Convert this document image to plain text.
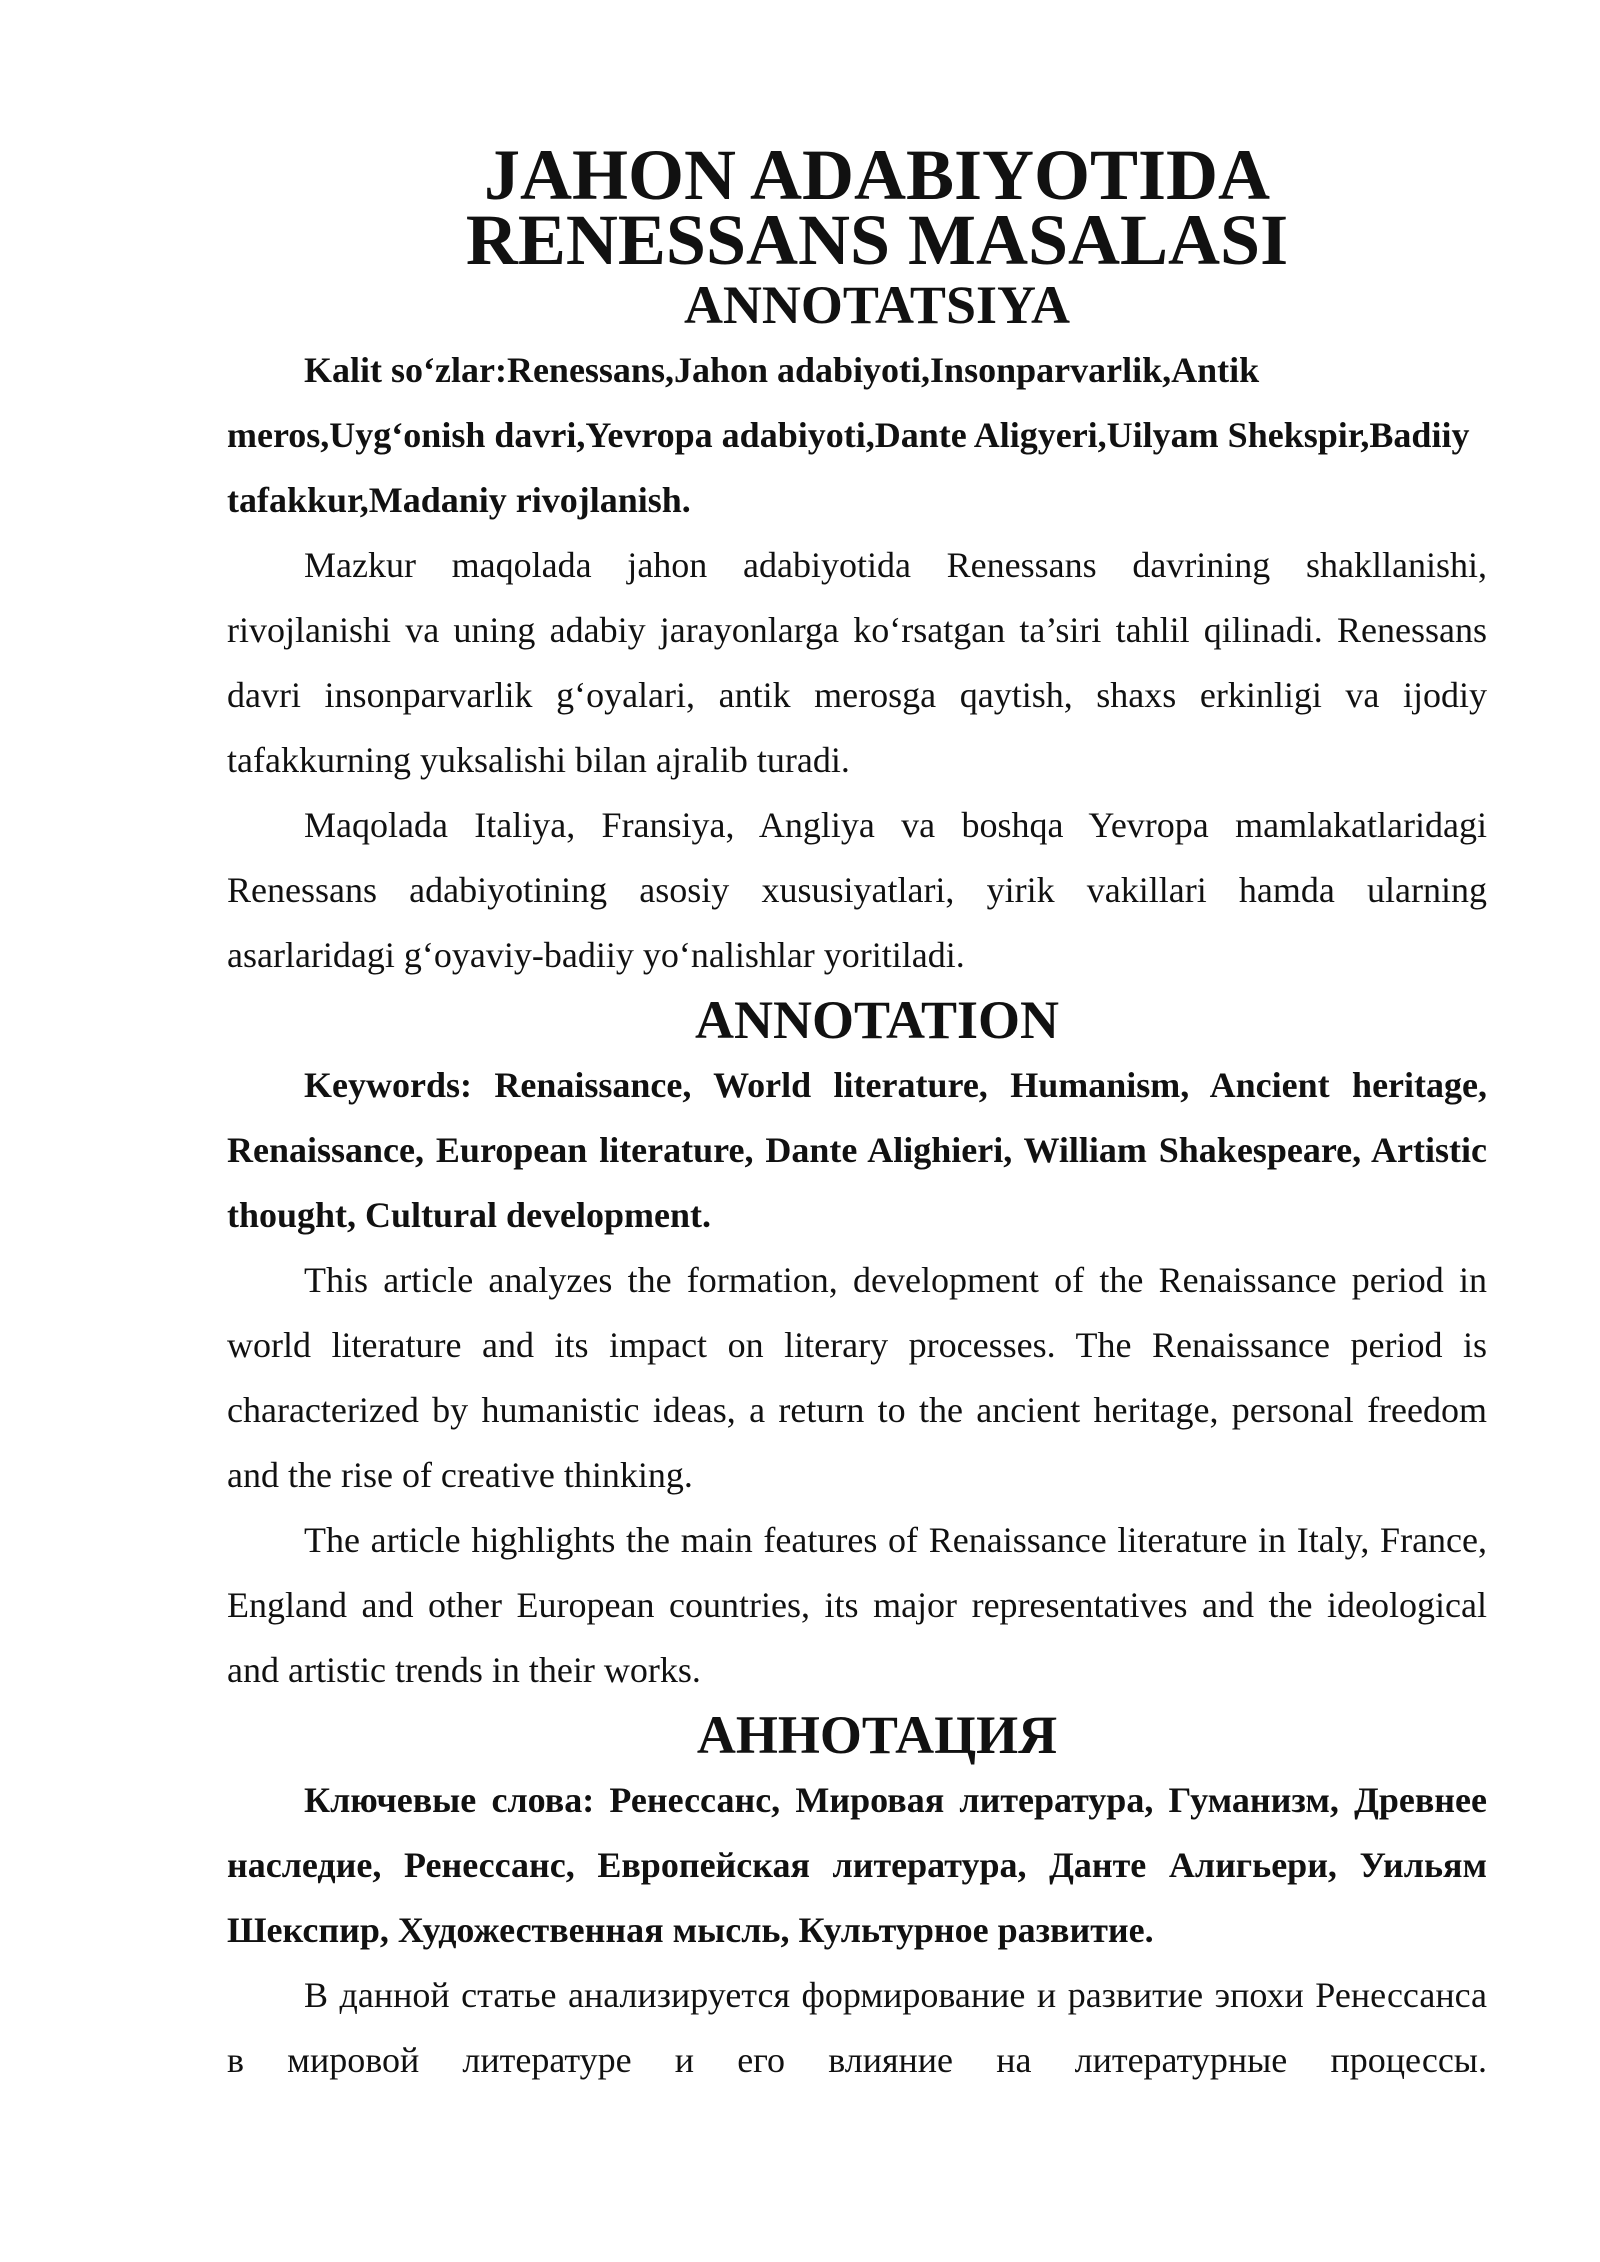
JAHON ADABIYOTIDA RENESSANS MASALASI
ANNOTATSIYA

Kalit so‘zlar:Renessans,Jahon adabiyoti,Insonparvarlik,Antik meros,Uyg‘onish davri,Yevropa adabiyoti,Dante Aligyeri,Uilyam Shekspir,Badiiy tafakkur,Madaniy rivojlanish.

Mazkur maqolada jahon adabiyotida Renessans davrining shakllanishi, rivojlanishi va uning adabiy jarayonlarga ko‘rsatgan ta’siri tahlil qilinadi. Renessans davri insonparvarlik g‘oyalari, antik merosga qaytish, shaxs erkinligi va ijodiy tafakkurning yuksalishi bilan ajralib turadi.

Maqolada Italiya, Fransiya, Angliya va boshqa Yevropa mamlakatlaridagi Renessans adabiyotining asosiy xususiyatlari, yirik vakillari hamda ularning asarlaridagi g‘oyaviy-badiiy yo‘nalishlar yoritiladi.

ANNOTATION

Keywords: Renaissance, World literature, Humanism, Ancient heritage, Renaissance, European literature, Dante Alighieri, William Shakespeare, Artistic thought, Cultural development.

This article analyzes the formation, development of the Renaissance period in world literature and its impact on literary processes. The Renaissance period is characterized by humanistic ideas, a return to the ancient heritage, personal freedom and the rise of creative thinking.

The article highlights the main features of Renaissance literature in Italy, France, England and other European countries, its major representatives and the ideological and artistic trends in their works.

АННОТАЦИЯ

Ключевые слова: Ренессанс, Мировая литература, Гуманизм, Древнее наследие, Ренессанс, Европейская литература, Данте Алигьери, Уильям Шекспир, Художественная мысль, Культурное развитие.

В данной статье анализируется формирование и развитие эпохи Ренессанса в мировой литературе и его влияние на литературные процессы.
